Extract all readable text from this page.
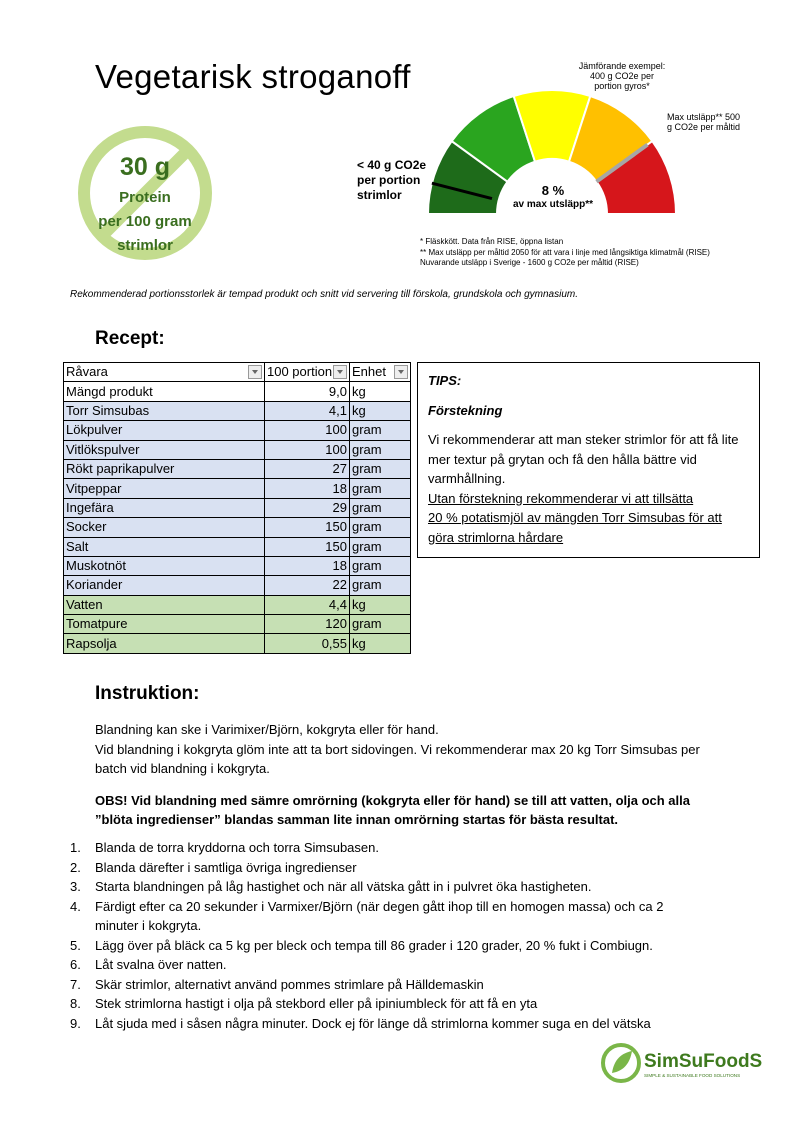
Vegetarisk stroganoff
30 g
Protein
per 100 gram
strimlor
< 40 g CO2e per portion strimlor	8 %
av max utsläpp**
Jämförande exempel: 400 g CO2e per portion gyros*
Max utsläpp** 500 g CO2e per måltid
* Fläskkött. Data från RISE, öppna listan
** Max utsläpp per måltid 2050 för att vara i linje med långsiktiga klimatmål (RISE)
Nuvarande utsläpp i Sverige - 1600 g CO2e per måltid (RISE)
Rekommenderad portionsstorlek är tempad produkt och snitt vid servering till förskola, grundskola och gymnasium.
Recept:
Råvara	100 portion	Enhet

Mängd produkt	9,0	kg
Torr Simsubas	4,1	kg
Lökpulver	100	gram
Vitlökspulver	100	gram
Rökt paprikapulver	27	gram
Vitpeppar	18	gram
Ingefära	29	gram
Socker	150	gram
Salt	150	gram
Muskotnöt	18	gram
Koriander	22	gram
Vatten	4,4	kg
Tomatpure	120	gram
Rapsolja	0,55	kg

TIPS:

Förstekning

Vi rekommenderar att man steker strimlor för att få lite mer textur på grytan och få den hålla bättre vid varmhållning.

Utan förstekning rekommenderar vi att tillsätta

20 % potatismjöl av mängden Torr Simsubas för att göra strimlorna hårdare

Instruktion:

Blandning kan ske i Varimixer/Björn, kokgryta eller för hand.

Vid blandning i kokgryta glöm inte att ta bort sidovingen. Vi rekommenderar max 20 kg Torr Simsubas per batch vid blandning i kokgryta.

OBS! Vid blandning med sämre omrörning (kokgryta eller för hand) se till att vatten, olja och alla ”blöta ingredienser” blandas samman lite innan omrörning startas för bästa resultat.

1. Blanda de torra kryddorna och torra Simsubasen.
2. Blanda därefter i samtliga övriga ingredienser
3. Starta blandningen på låg hastighet och när all vätska gått in i pulvret öka hastigheten.
4. Färdigt efter ca 20 sekunder i Varmixer/Björn (när degen gått ihop till en homogen massa) och ca 2 minuter i kokgryta.
5. Lägg över på bläck ca 5 kg per bleck och tempa till 86 grader i 120 grader, 20 % fukt i Combiugn.
6. Låt svalna över natten.
7. Skär strimlor, alternativt använd pommes strimlare på Hälldemaskin
8. Stek strimlorna hastigt i olja på stekbord eller på ipiniumbleck för att få en yta
9. Låt sjuda med i såsen några minuter. Dock ej för länge då strimlorna kommer suga en del vätska
SimSuFoodS
SIMPLE & SUSTAINABLE FOOD SOLUTIONS
